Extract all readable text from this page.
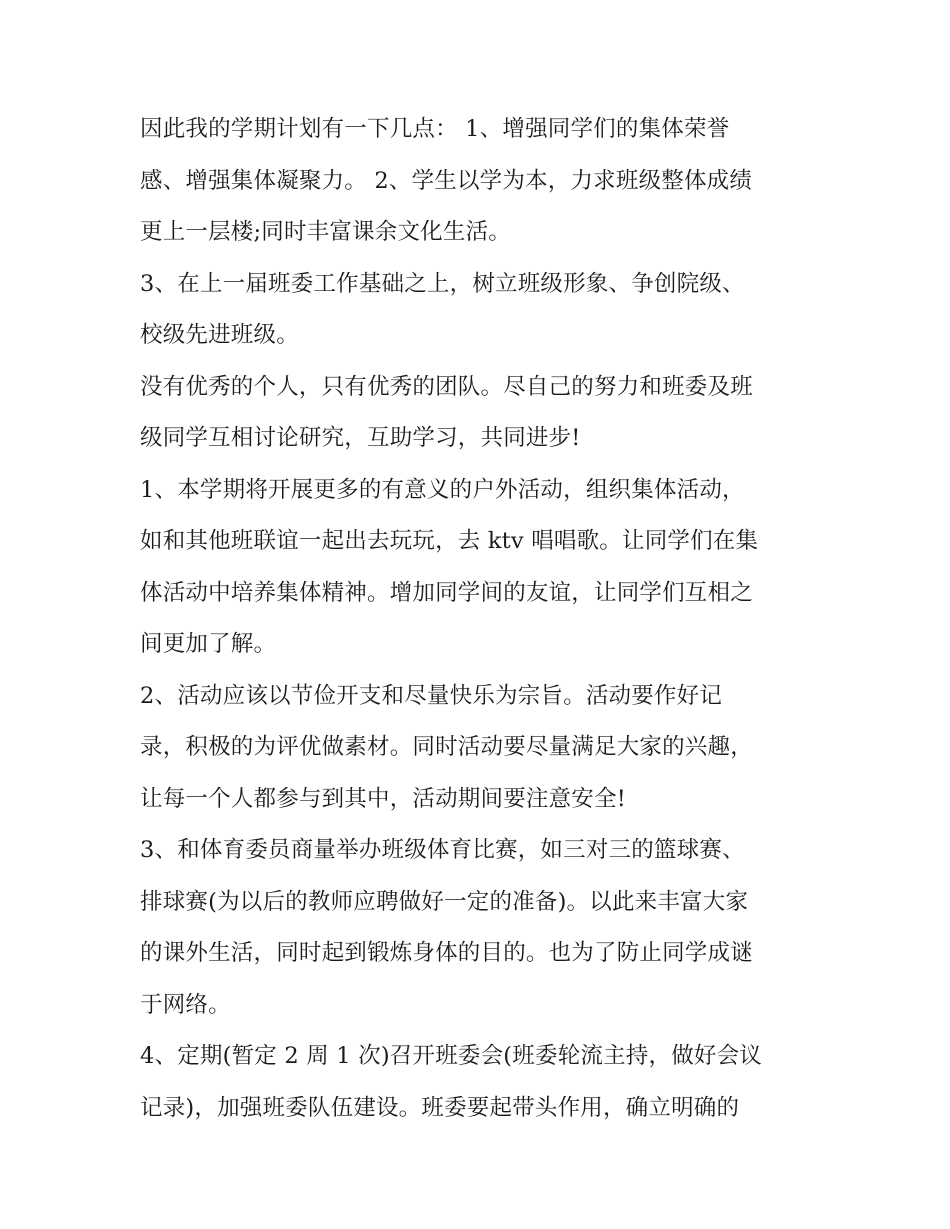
因此我的学期计划有一下几点： 1、增强同学们的集体荣誉
感、增强集体凝聚力。 2、学生以学为本，力求班级整体成绩
更上一层楼;同时丰富课余文化生活。

3、在上一届班委工作基础之上，树立班级形象、争创院级、
校级先进班级。

没有优秀的个人，只有优秀的团队。尽自己的努力和班委及班
级同学互相讨论研究，互助学习，共同进步!

1、本学期将开展更多的有意义的户外活动，组织集体活动，
如和其他班联谊一起出去玩玩，去 ktv 唱唱歌。让同学们在集
体活动中培养集体精神。增加同学间的友谊，让同学们互相之
间更加了解。

2、活动应该以节俭开支和尽量快乐为宗旨。活动要作好记
录，积极的为评优做素材。同时活动要尽量满足大家的兴趣，
让每一个人都参与到其中，活动期间要注意安全!

3、和体育委员商量举办班级体育比赛，如三对三的篮球赛、
排球赛(为以后的教师应聘做好一定的准备)。以此来丰富大家
的课外生活，同时起到锻炼身体的目的。也为了防止同学成谜
于网络。

4、定期(暂定 2 周 1 次)召开班委会(班委轮流主持，做好会议
记录)，加强班委队伍建设。班委要起带头作用，确立明确的
